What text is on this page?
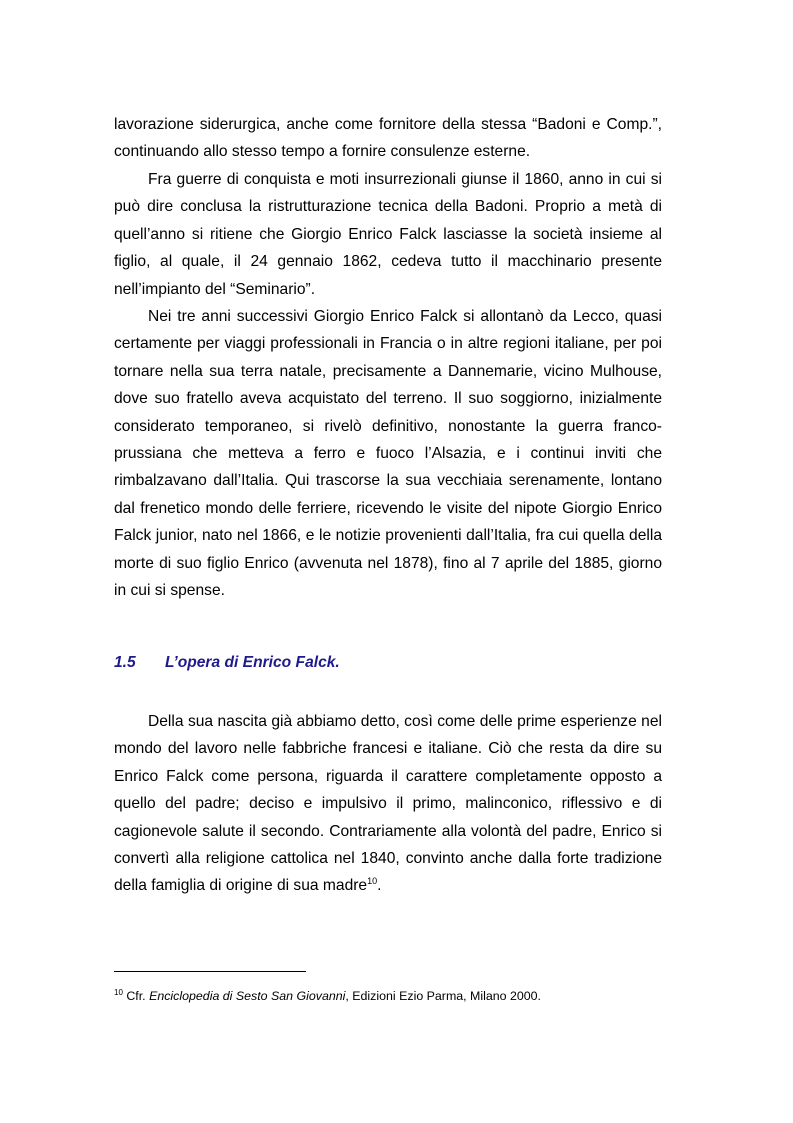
lavorazione siderurgica, anche come fornitore della stessa “Badoni e Comp.”, continuando allo stesso tempo a fornire consulenze esterne.

Fra guerre di conquista e moti insurrezionali giunse il 1860, anno in cui si può dire conclusa la ristrutturazione tecnica della Badoni. Proprio a metà di quell’anno si ritiene che Giorgio Enrico Falck lasciasse la società insieme al figlio, al quale, il 24 gennaio 1862, cedeva tutto il macchinario presente nell’impianto del “Seminario”.

Nei tre anni successivi Giorgio Enrico Falck si allontanò da Lecco, quasi certamente per viaggi professionali in Francia o in altre regioni italiane, per poi tornare nella sua terra natale, precisamente a Dannemarie, vicino Mulhouse, dove suo fratello aveva acquistato del terreno. Il suo soggiorno, inizialmente considerato temporaneo, si rivelò definitivo, nonostante la guerra franco-prussiana che metteva a ferro e fuoco l’Alsazia, e i continui inviti che rimbalzavano dall’Italia. Qui trascorse la sua vecchiaia serenamente, lontano dal frenetico mondo delle ferriere, ricevendo le visite del nipote Giorgio Enrico Falck junior, nato nel 1866, e le notizie provenienti dall’Italia, fra cui quella della morte di suo figlio Enrico (avvenuta nel 1878), fino al 7 aprile del 1885, giorno in cui si spense.

1.5 L’opera di Enrico Falck.

Della sua nascita già abbiamo detto, così come delle prime esperienze nel mondo del lavoro nelle fabbriche francesi e italiane. Ciò che resta da dire su Enrico Falck come persona, riguarda il carattere completamente opposto a quello del padre; deciso e impulsivo il primo, malinconico, riflessivo e di cagionevole salute il secondo. Contrariamente alla volontà del padre, Enrico si convertì alla religione cattolica nel 1840, convinto anche dalla forte tradizione della famiglia di origine di sua madre$^{10}$.

$^{10}$ Cfr. Enciclopedia di Sesto San Giovanni, Edizioni Ezio Parma, Milano 2000.
